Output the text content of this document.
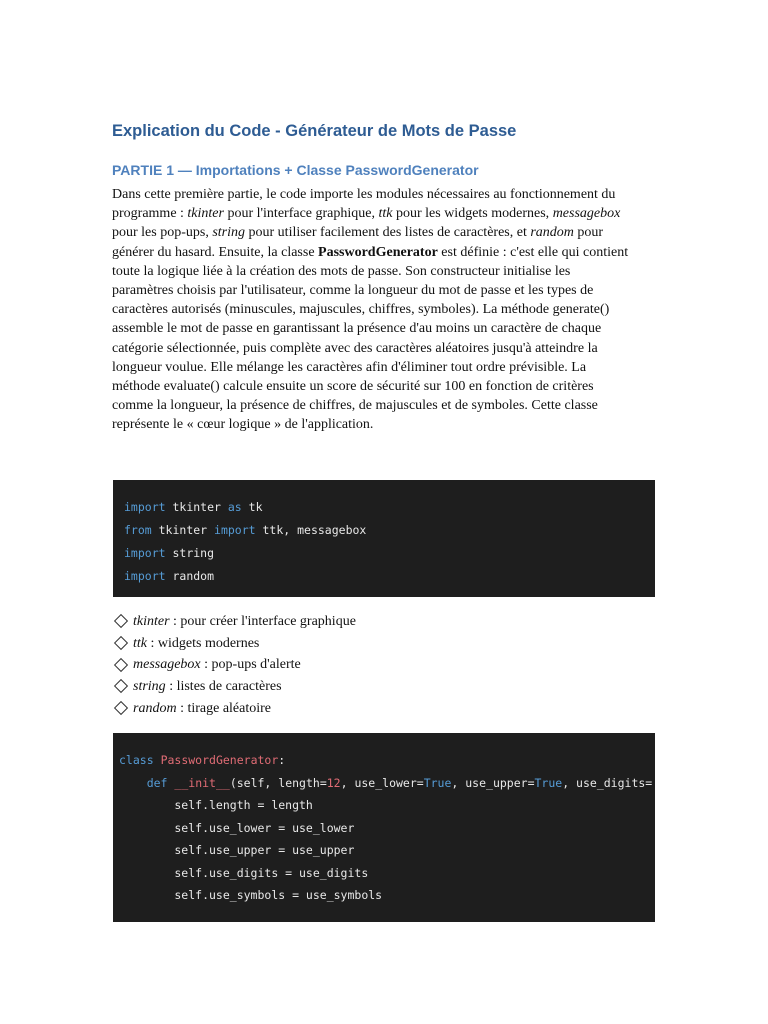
Explication du Code - Générateur de Mots de Passe
PARTIE 1 — Importations + Classe PasswordGenerator
Dans cette première partie, le code importe les modules nécessaires au fonctionnement du
programme : tkinter pour l'interface graphique, ttk pour les widgets modernes, messagebox
pour les pop-ups, string pour utiliser facilement des listes de caractères, et random pour
générer du hasard. Ensuite, la classe PasswordGenerator est définie : c'est elle qui contient
toute la logique liée à la création des mots de passe. Son constructeur initialise les
paramètres choisis par l'utilisateur, comme la longueur du mot de passe et les types de
caractères autorisés (minuscules, majuscules, chiffres, symboles). La méthode generate()
assemble le mot de passe en garantissant la présence d'au moins un caractère de chaque
catégorie sélectionnée, puis complète avec des caractères aléatoires jusqu'à atteindre la
longueur voulue. Elle mélange les caractères afin d'éliminer tout ordre prévisible. La
méthode evaluate() calcule ensuite un score de sécurité sur 100 en fonction de critères
comme la longueur, la présence de chiffres, de majuscules et de symboles. Cette classe
représente le « cœur logique » de l'application.
import tkinter as tk
from tkinter import ttk, messagebox
import string
import random
tkinter : pour créer l'interface graphique
ttk : widgets modernes
messagebox : pop-ups d'alerte
string : listes de caractères
random : tirage aléatoire
class PasswordGenerator:
def __init__(self, length=12, use_lower=True, use_upper=True, use_digits=
self.length = length
self.use_lower = use_lower
self.use_upper = use_upper
self.use_digits = use_digits
self.use_symbols = use_symbols
